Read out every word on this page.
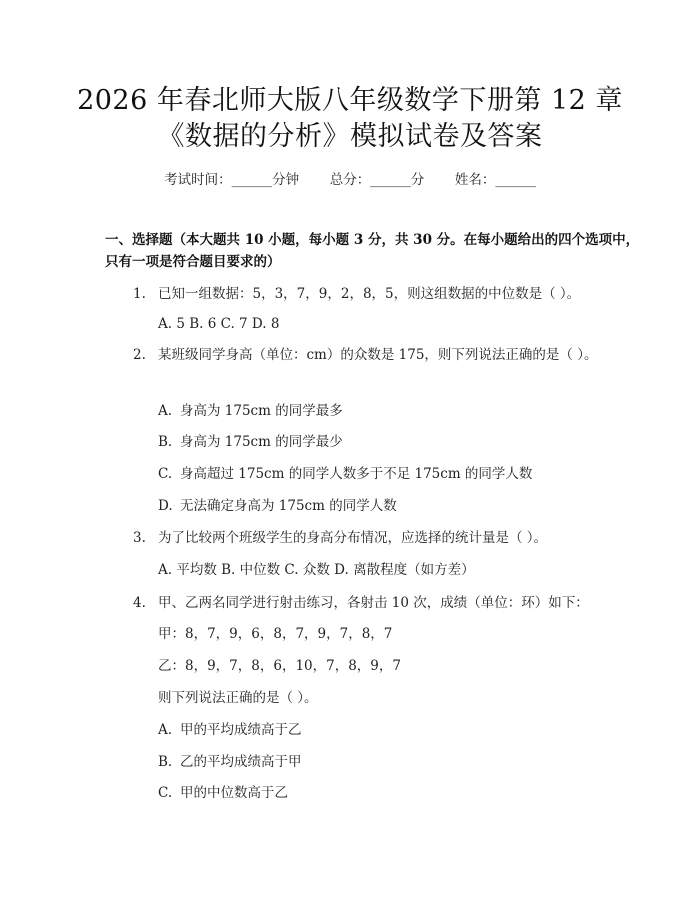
2026 年春北师大版八年级数学下册第 12 章
《数据的分析》模拟试卷及答案
考试时间：______分钟 总分：______分 姓名：______
一、选择题（本大题共 10 小题，每小题 3 分，共 30 分。在每小题给出的四个选项中，只有一项是符合题目要求的）
1. 已知一组数据：5，3，7，9，2，8，5，则这组数据的中位数是（ ）。
A. 5 B. 6 C. 7 D. 8
2. 某班级同学身高（单位：cm）的众数是 175，则下列说法正确的是（ ）。
A. 身高为 175cm 的同学最多
B. 身高为 175cm 的同学最少
C. 身高超过 175cm 的同学人数多于不足 175cm 的同学人数
D. 无法确定身高为 175cm 的同学人数
3. 为了比较两个班级学生的身高分布情况，应选择的统计量是（ ）。
A. 平均数 B. 中位数 C. 众数 D. 离散程度（如方差）
4. 甲、乙两名同学进行射击练习，各射击 10 次，成绩（单位：环）如下：
甲：8，7，9，6，8，7，9，7，8，7
乙：8，9，7，8，6，10，7，8，9，7
则下列说法正确的是（ ）。
A. 甲的平均成绩高于乙
B. 乙的平均成绩高于甲
C. 甲的中位数高于乙
